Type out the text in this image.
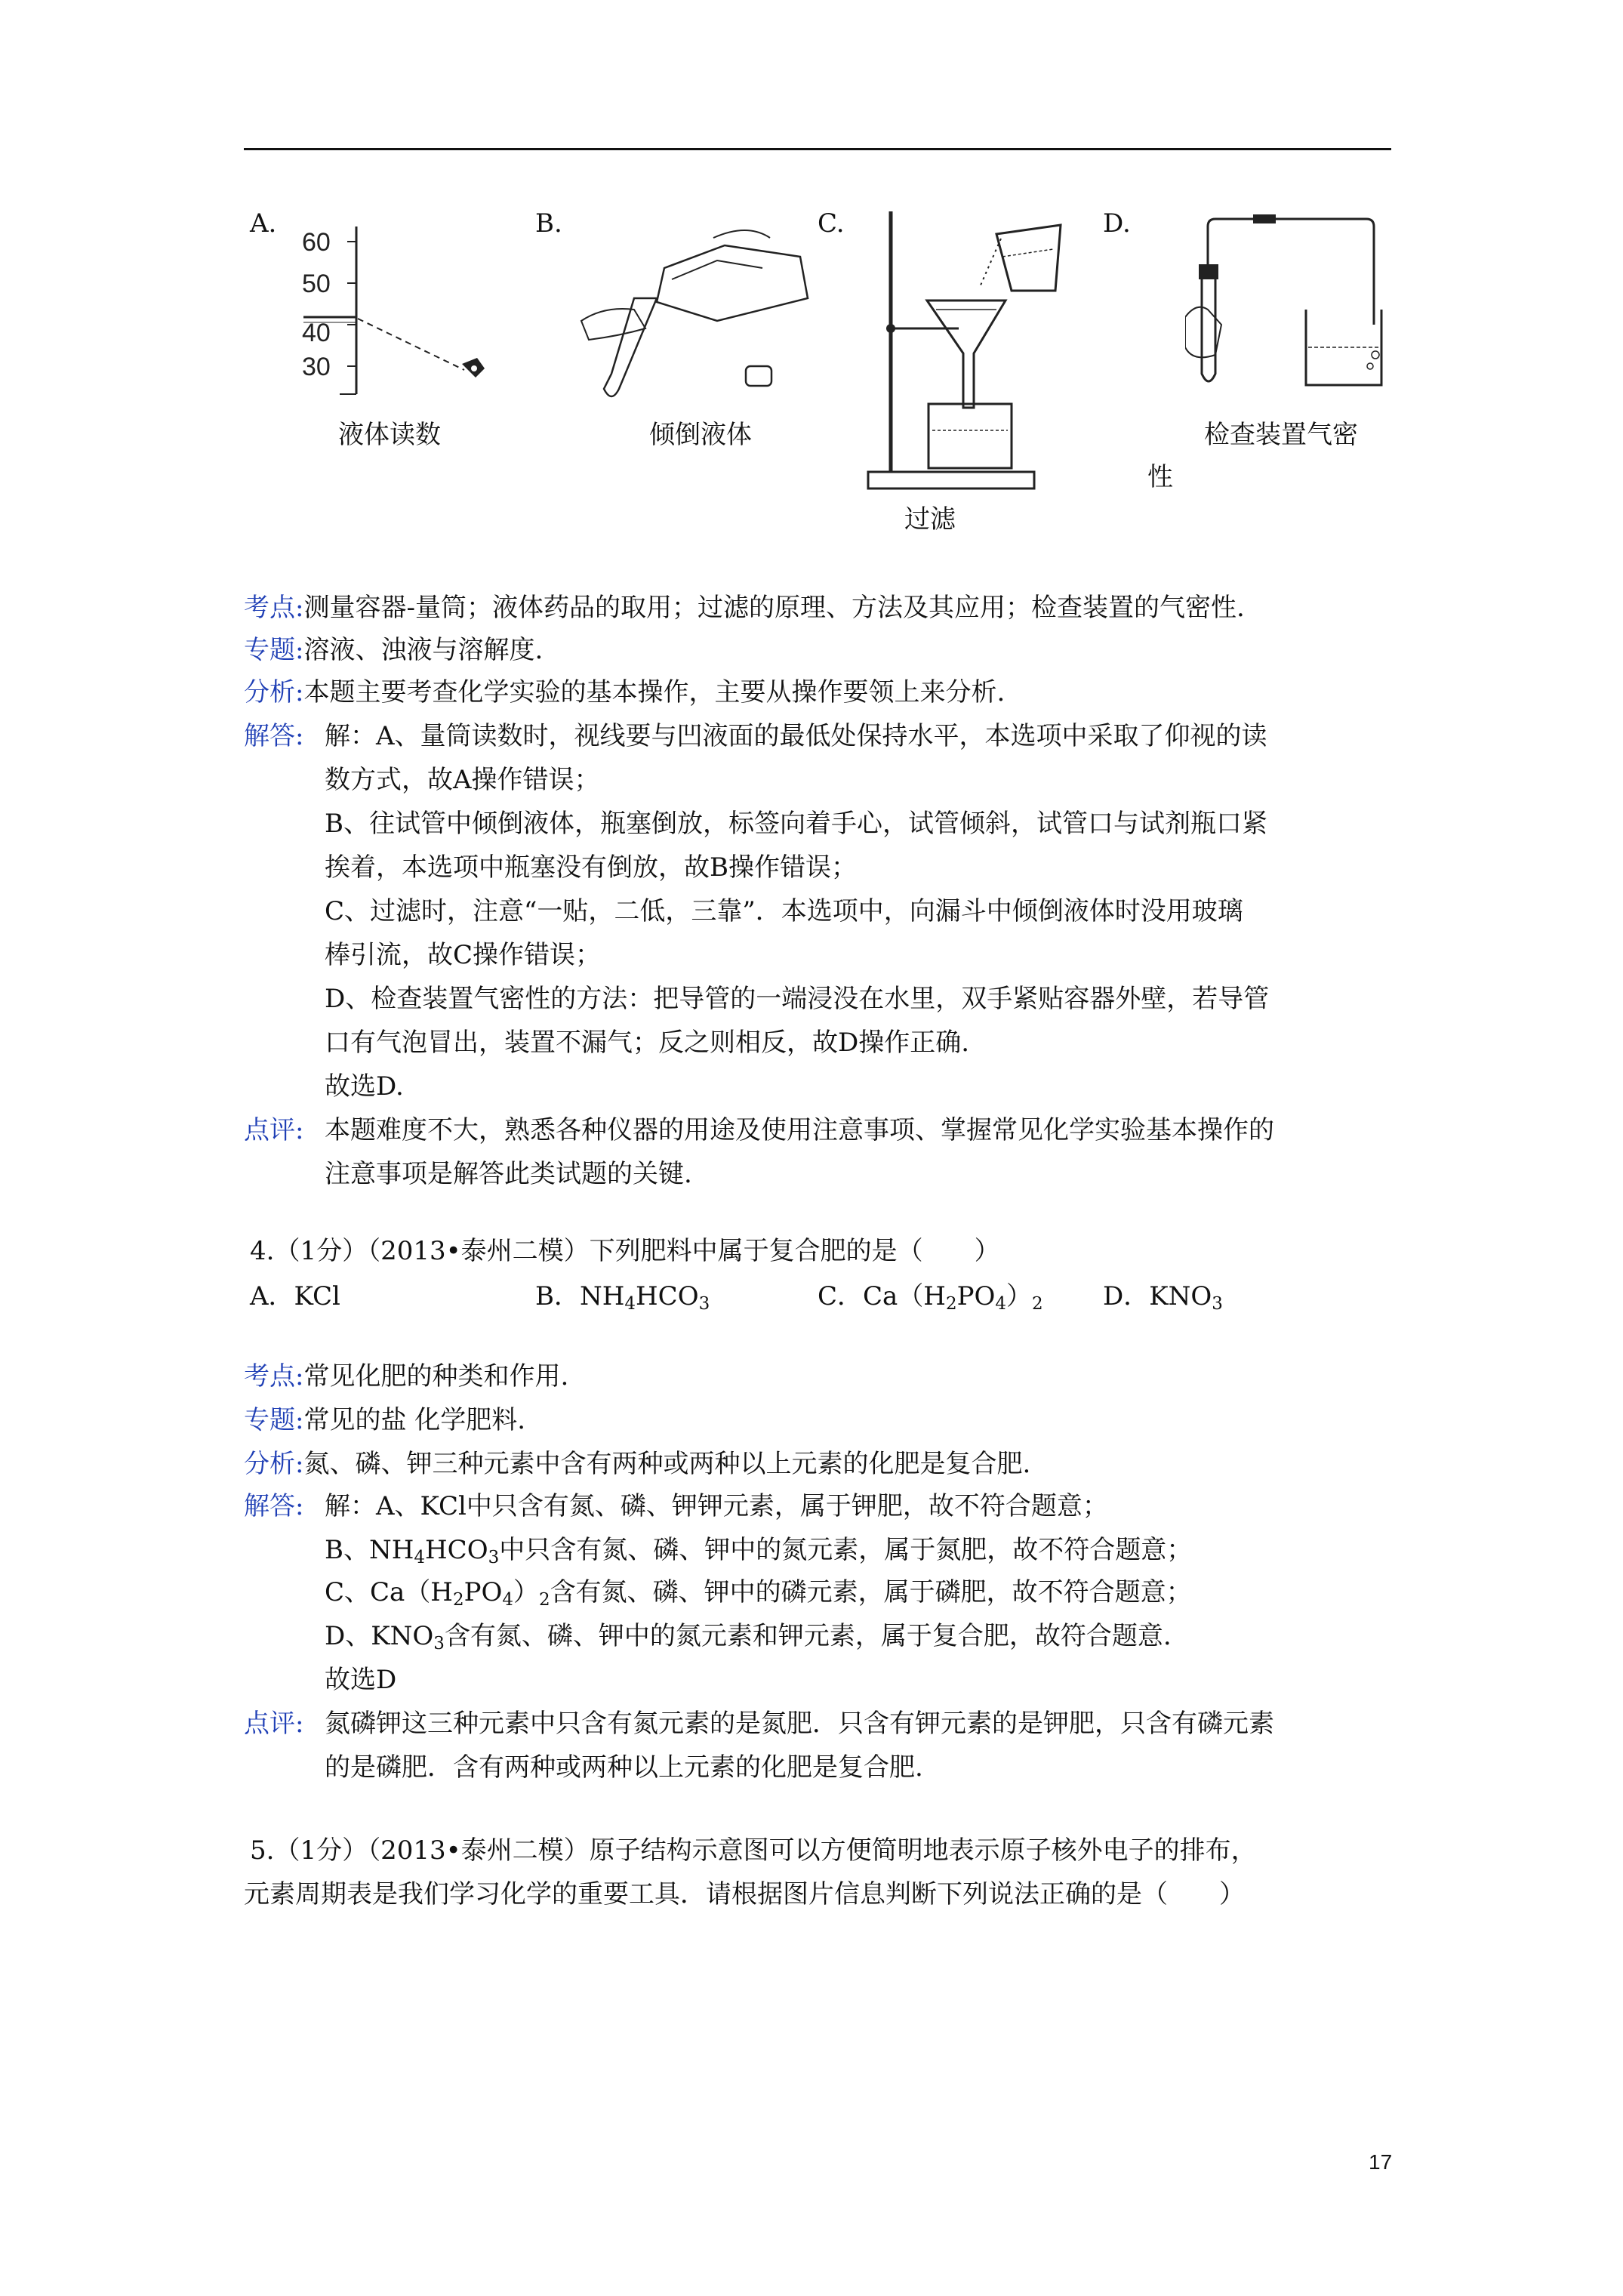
A.	B.	C.	D.
60
50
40
30
液体读数	倾倒液体
过滤
检查装置气密
性
考点:测量容器-量筒；液体药品的取用；过滤的原理、方法及其应用；检查装置的气密性.
专题:溶液、浊液与溶解度.
分析:本题主要考查化学实验的基本操作，主要从操作要领上来分析.
解答: 解：A、量筒读数时，视线要与凹液面的最低处保持水平，本选项中采取了仰视的读
数方式，故A操作错误；
B、往试管中倾倒液体，瓶塞倒放，标签向着手心，试管倾斜，试管口与试剂瓶口紧
挨着，本选项中瓶塞没有倒放，故B操作错误；
C、过滤时，注意“一贴，二低，三靠”．本选项中，向漏斗中倾倒液体时没用玻璃
棒引流，故C操作错误；
D、检查装置气密性的方法：把导管的一端浸没在水里，双手紧贴容器外壁，若导管
口有气泡冒出，装置不漏气；反之则相反，故D操作正确.
故选D.
点评: 本题难度不大，熟悉各种仪器的用途及使用注意事项、掌握常见化学实验基本操作的
注意事项是解答此类试题的关键.
4.（1分）（2013•泰州二模）下列肥料中属于复合肥的是（　　）
A．KCl	B．$NH_4HCO_3$	C．$Ca(H_2PO_4)_2$ D．$KNO_3$
考点:常见化肥的种类和作用.
专题:常见的盐 化学肥料.
分析:氮、磷、钾三种元素中含有两种或两种以上元素的化肥是复合肥.
解答: 解：A、KCl中只含有氮、磷、钾钾元素，属于钾肥，故不符合题意；
B、$NH_4HCO_3$中只含有氮、磷、钾中的氮元素，属于氮肥，故不符合题意；
C、$Ca(H_2PO_4)_2$含有氮、磷、钾中的磷元素，属于磷肥，故不符合题意；
D、$KNO_3$含有氮、磷、钾中的氮元素和钾元素，属于复合肥，故符合题意.
故选D
点评: 氮磷钾这三种元素中只含有氮元素的是氮肥．只含有钾元素的是钾肥，只含有磷元素
的是磷肥．含有两种或两种以上元素的化肥是复合肥.
5.（1分）（2013•泰州二模）原子结构示意图可以方便简明地表示原子核外电子的排布，
元素周期表是我们学习化学的重要工具．请根据图片信息判断下列说法正确的是（　　）
17
